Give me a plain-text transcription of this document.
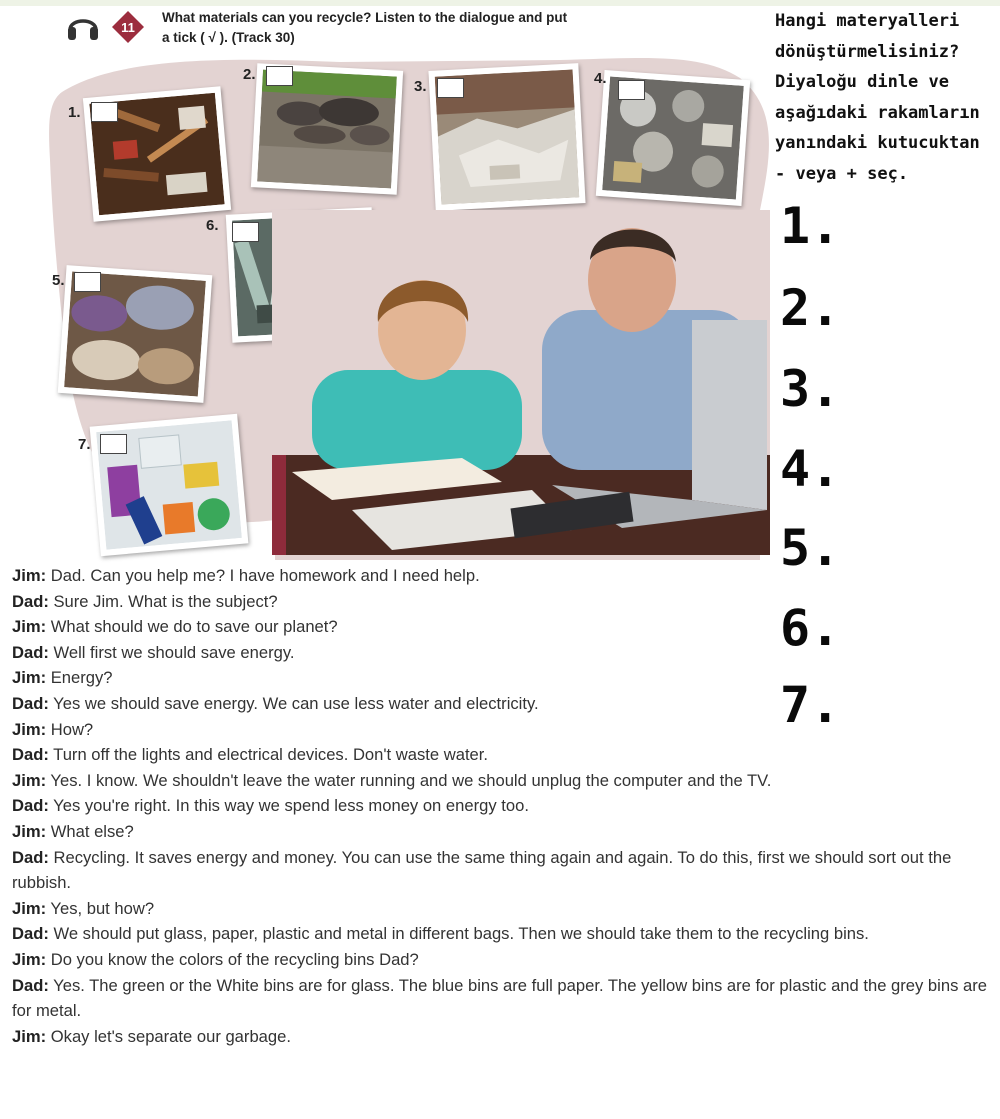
11
What materials can you recycle? Listen to the dialogue and put
a tick ( √ ). (Track 30)
Hangi materyalleri
dönüştürmelisiniz?
Diyaloğu dinle ve
aşağıdaki rakamların
yanındaki kutucuktan
- veya + seç.
1.
2.
3.
4.
5.
6.
7.
1.
2.
3.	4.
5.
6.
7.

Jim: Dad. Can you help me? I have homework and I need help.

Dad: Sure Jim. What is the subject?

Jim: What should we do to save our planet?

Dad: Well first we should save energy.

Jim: Energy?

Dad: Yes we should save energy. We can use less water and electricity.

Jim: How?

Dad: Turn off the lights and electrical devices. Don't waste water.

Jim: Yes. I know. We shouldn't leave the water running and we should unplug the computer and the TV.

Dad: Yes you're right. In this way we spend less money on energy too.

Jim: What else?

Dad: Recycling. It saves energy and money. You can use the same thing again and again. To do this, first we should sort out the rubbish.

Jim: Yes, but how?

Dad: We should put glass, paper, plastic and metal in different bags. Then we should take them to the recycling bins.

Jim: Do you know the colors of the recycling bins Dad?

Dad: Yes. The green or the White bins are for glass. The blue bins are full paper. The yellow bins are for plastic and the grey bins are for metal.

Jim: Okay let's separate our garbage.
